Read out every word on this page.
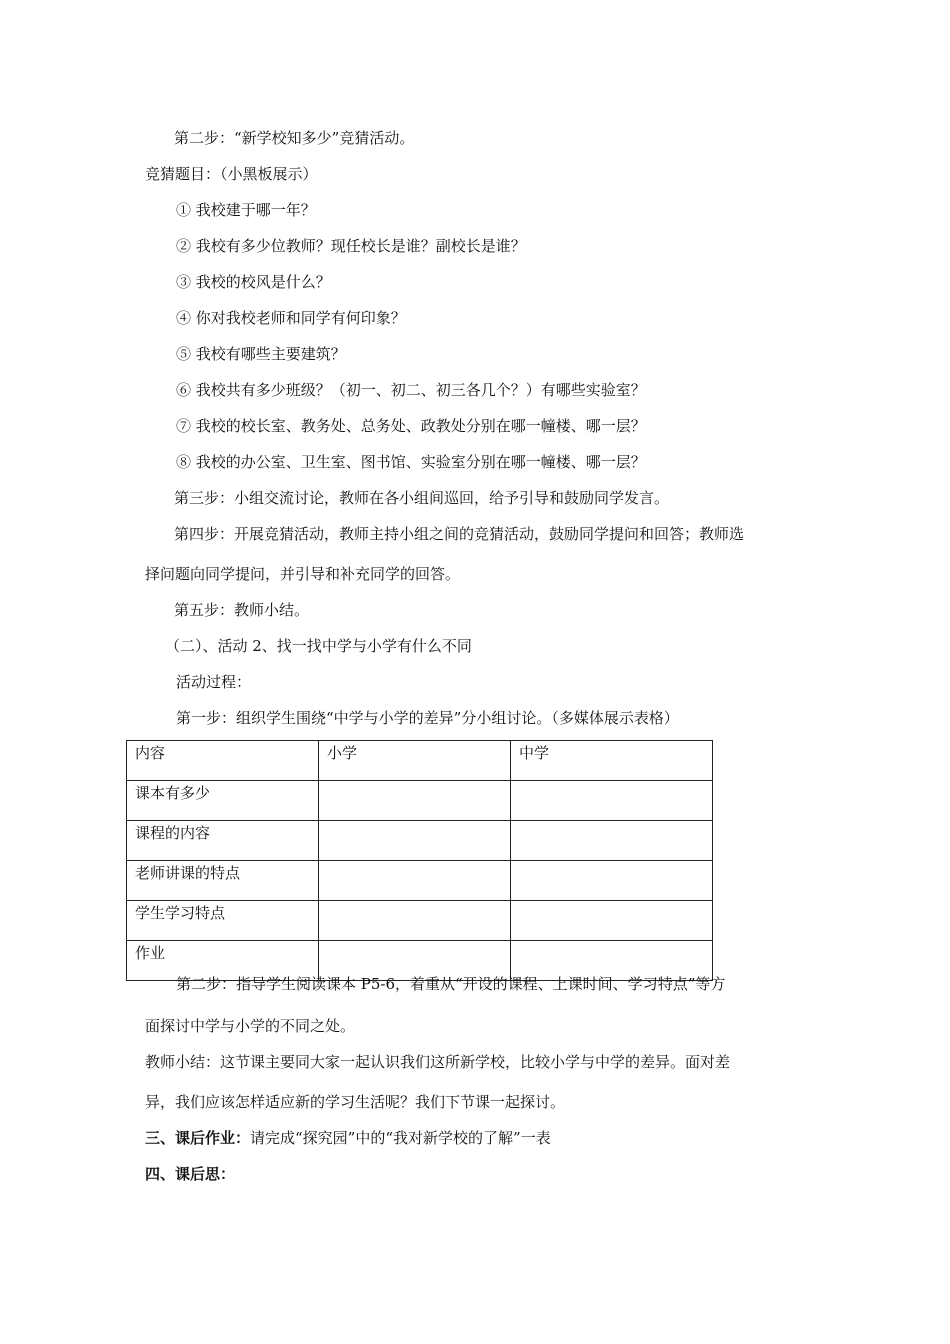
第二步：“新学校知多少”竞猜活动。
竞猜题目：（小黑板展示）
① 我校建于哪一年？
② 我校有多少位教师？现任校长是谁？副校长是谁？
③ 我校的校风是什么？
④ 你对我校老师和同学有何印象？
⑤ 我校有哪些主要建筑？
⑥ 我校共有多少班级？（初一、初二、初三各几个？）有哪些实验室？
⑦ 我校的校长室、教务处、总务处、政教处分别在哪一幢楼、哪一层？
⑧ 我校的办公室、卫生室、图书馆、实验室分别在哪一幢楼、哪一层？
第三步：小组交流讨论，教师在各小组间巡回，给予引导和鼓励同学发言。
第四步：开展竞猜活动，教师主持小组之间的竞猜活动，鼓励同学提问和回答；教师选
择问题向同学提问，并引导和补充同学的回答。
第五步：教师小结。
（二）、活动 2、找一找中学与小学有什么不同
活动过程：
第一步：组织学生围绕“中学与小学的差异”分小组讨论。（多媒体展示表格）
内容	小学	中学
课本有多少		
课程的内容		
老师讲课的特点		
学生学习特点		
作业		
第二步：指导学生阅读课本 P5-6，着重从“开设的课程、上课时间、学习特点”等方
面探讨中学与小学的不同之处。
教师小结：这节课主要同大家一起认识我们这所新学校，比较小学与中学的差异。面对差
异，我们应该怎样适应新的学习生活呢？我们下节课一起探讨。
三、课后作业：请完成“探究园”中的“我对新学校的了解”一表
四、课后思：
